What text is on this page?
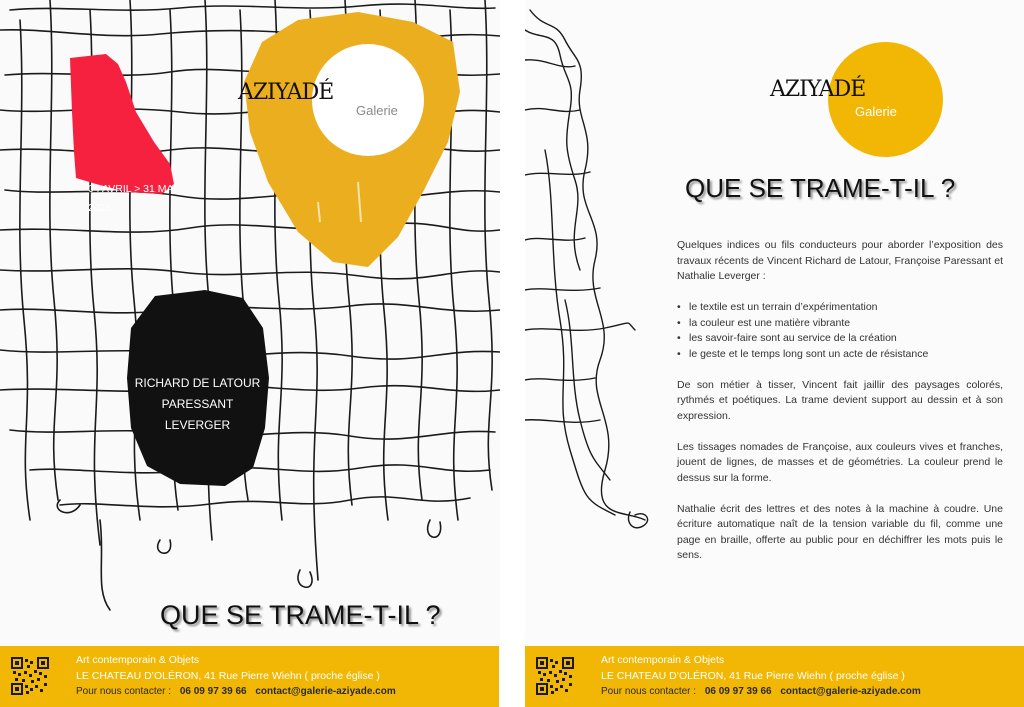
AZIYADÉ
Galerie
04 AVRIL > 31 MAI
2026
RICHARD DE LATOUR
PARESSANT
LEVERGER
QUE SE TRAME-T-IL ?
AZIYADÉ
Galerie
QUE SE TRAME-T-IL ?

Quelques indices ou fils conducteurs pour aborder l’exposition des travaux récents de Vincent Richard de Latour, Françoise Paressant et Nathalie Leverger :

• le textile est un terrain d’expérimentation
• la couleur est une matière vibrante
• les savoir-faire sont au service de la création
• le geste et le temps long sont un acte de résistance

De son métier à tisser, Vincent fait jaillir des paysages colorés, rythmés et poétiques. La trame devient support au dessin et à son expression.

Les tissages nomades de Françoise, aux couleurs vives et franches, jouent de lignes, de masses et de géométries. La couleur prend le dessus sur la forme.

Nathalie écrit des lettres et des notes à la machine à coudre. Une écriture automatique naît de la tension variable du fil, comme une page en braille, offerte au public pour en déchiffrer les mots puis le sens.

Art contemporain & Objets
LE CHATEAU D’OLÉRON, 41 Rue Pierre Wiehn ( proche église )
Pour nous contacter : 06 09 97 39 66 contact@galerie-aziyade.com
Art contemporain & Objets
LE CHATEAU D’OLÉRON, 41 Rue Pierre Wiehn ( proche église )
Pour nous contacter : 06 09 97 39 66 contact@galerie-aziyade.com
